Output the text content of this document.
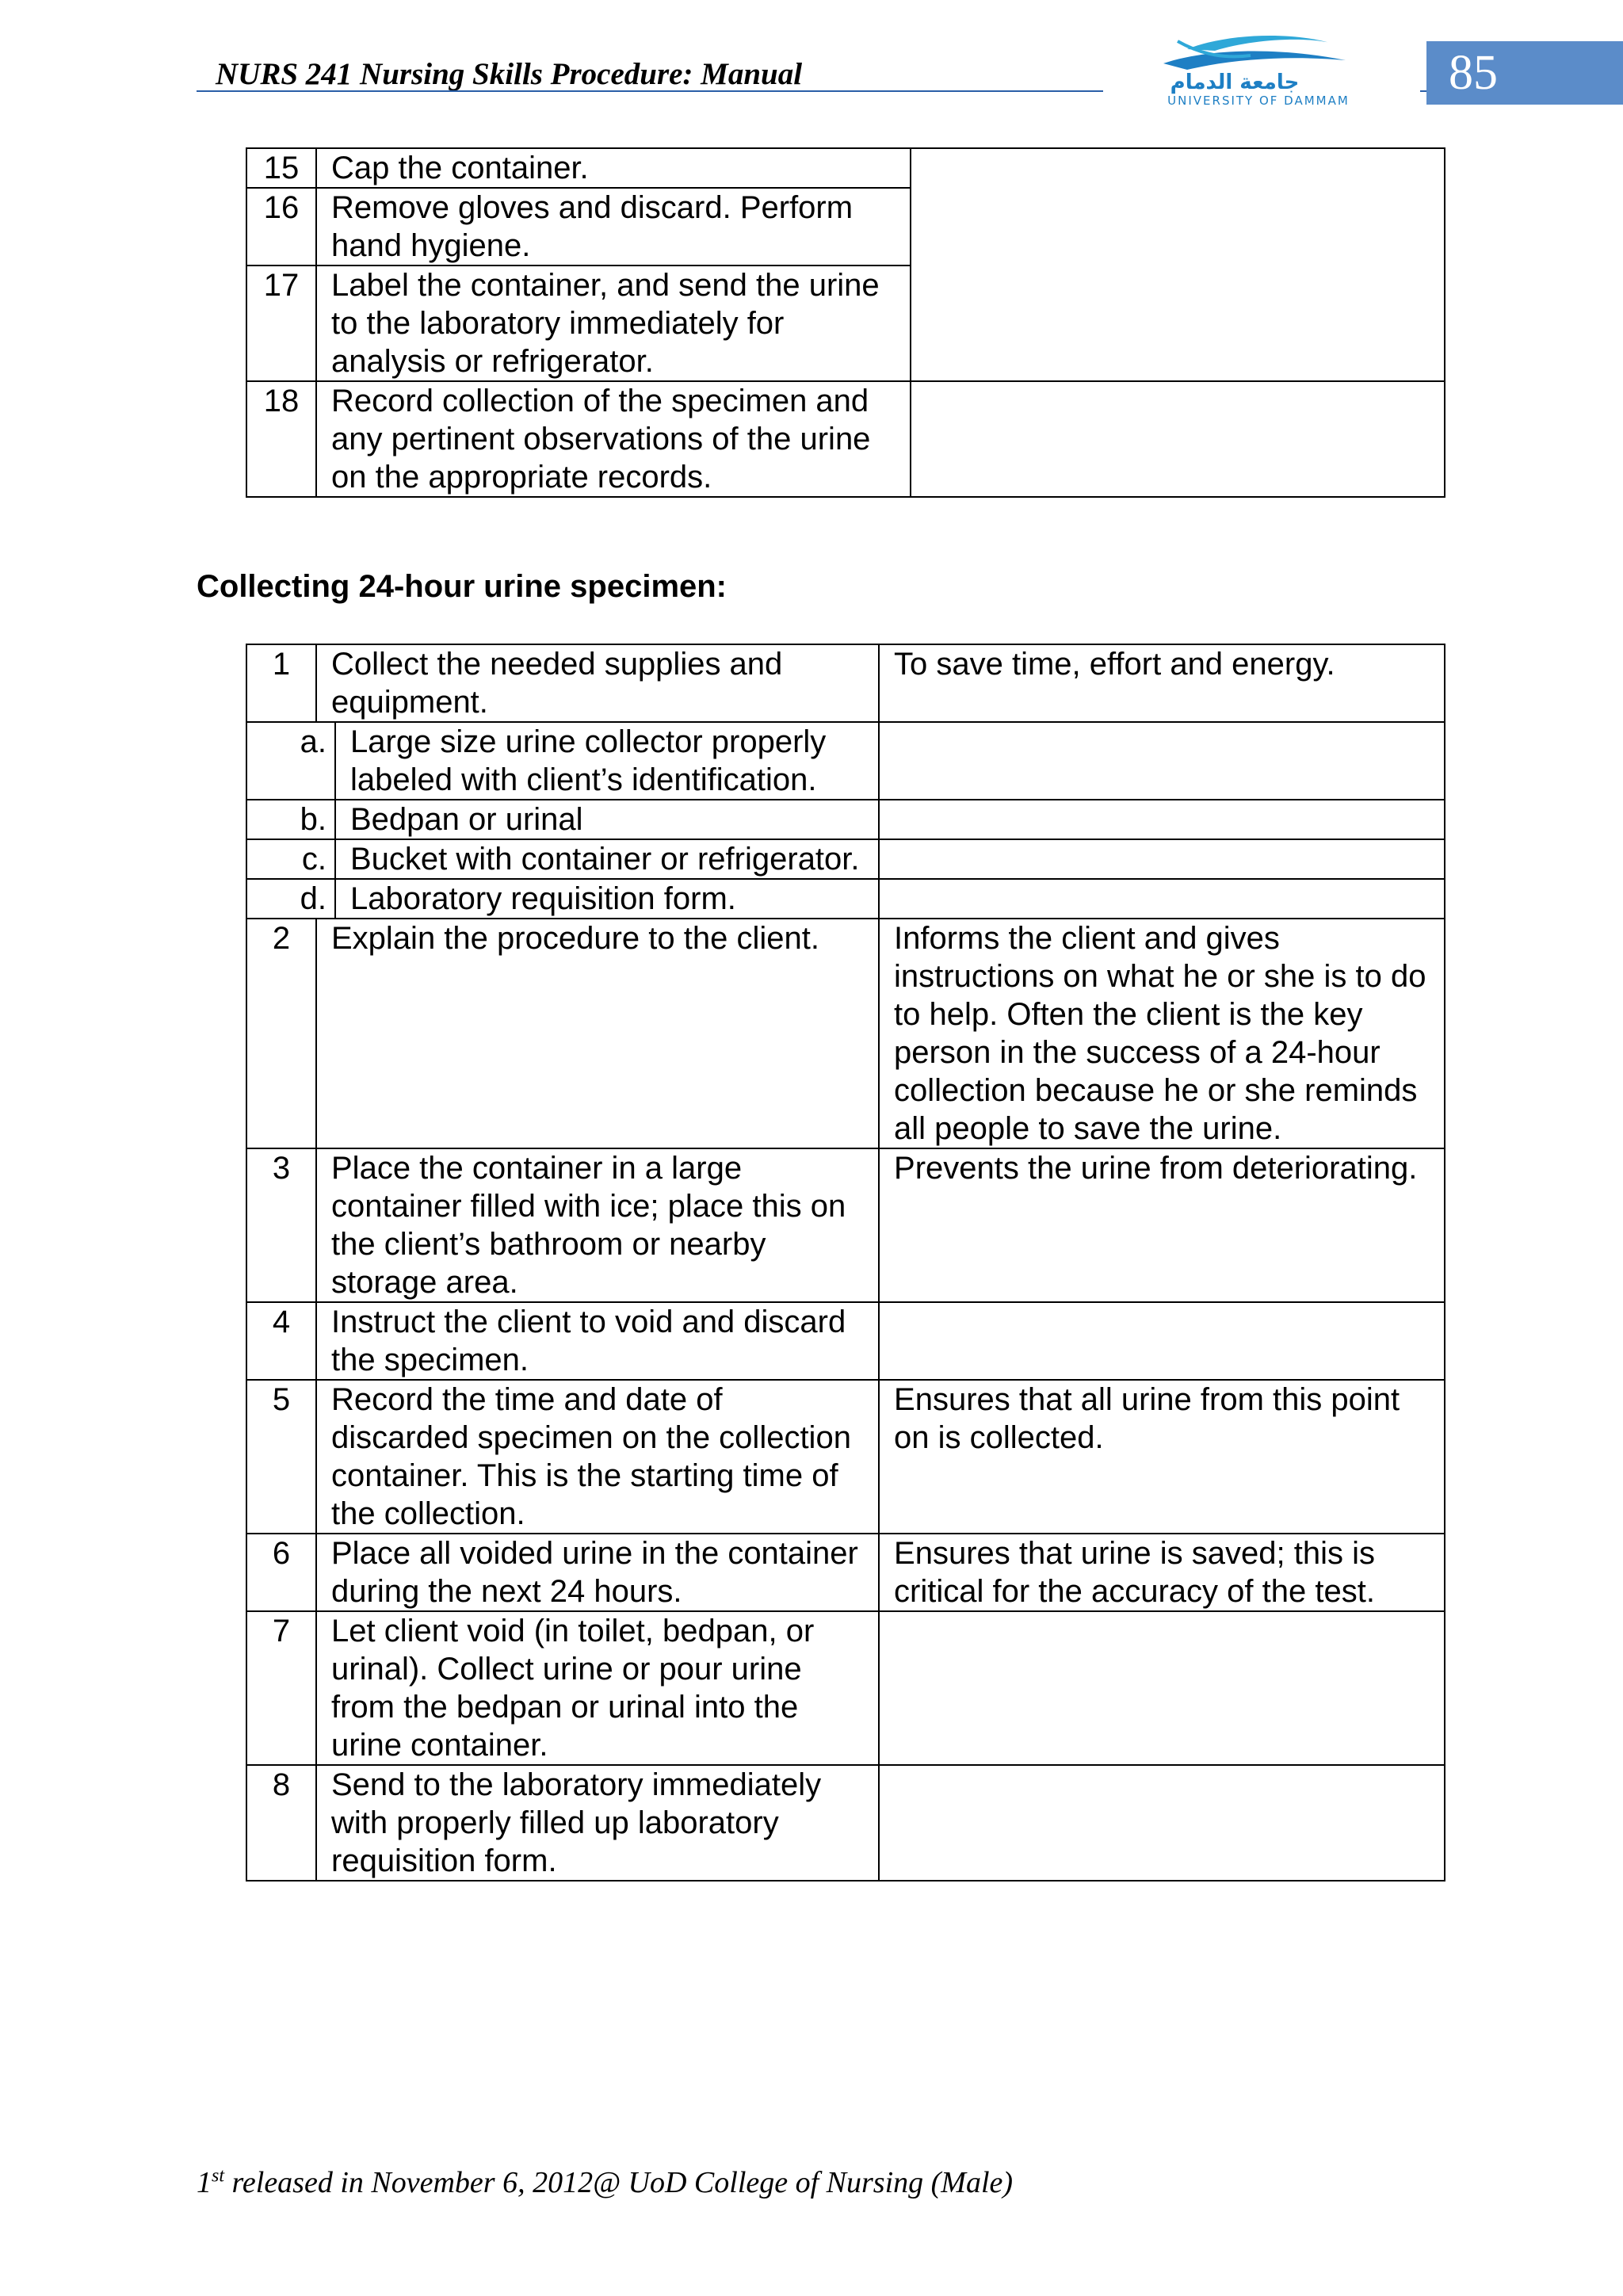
NURS 241 Nursing Skills Procedure: Manual	جامعة الدمام
UNIVERSITY OF DAMMAM
85
15	Cap the container.	
16	Remove gloves and discard. Perform hand hygiene.	
17	Label the container, and send the urine to the laboratory immediately for analysis or refrigerator.	
18	Record collection of the specimen and any pertinent observations of the urine on the appropriate records.	
Collecting 24-hour urine specimen:
1	Collect the needed supplies and equipment.		To save time, effort and energy.
a.		Large size urine collector properly labeled with client’s identification.	
b.		Bedpan or urinal	
c.		Bucket with container or refrigerator.	
d.		Laboratory requisition form.	
2	Explain the procedure to the client.		Informs the client and gives instructions on what he or she is to do to help. Often the client is the key person in the success of a 24-hour collection because he or she reminds all people to save the urine.
3	Place the container in a large container filled with ice; place this on the client’s bathroom or nearby storage area.		Prevents the urine from deteriorating.
4	Instruct the client to void and discard the specimen.		
5	Record the time and date of discarded specimen on the collection container. This is the starting time of the collection.		Ensures that all urine from this point on is collected.
6	Place all voided urine in the container during the next 24 hours.		Ensures that urine is saved; this is critical for the accuracy of the test.
7	Let client void (in toilet, bedpan, or urinal). Collect urine or pour urine from the bedpan or urinal into the urine container.		
8	Send to the laboratory immediately with properly filled up laboratory requisition form.		
1st released in November 6, 2012@ UoD College of Nursing (Male)
